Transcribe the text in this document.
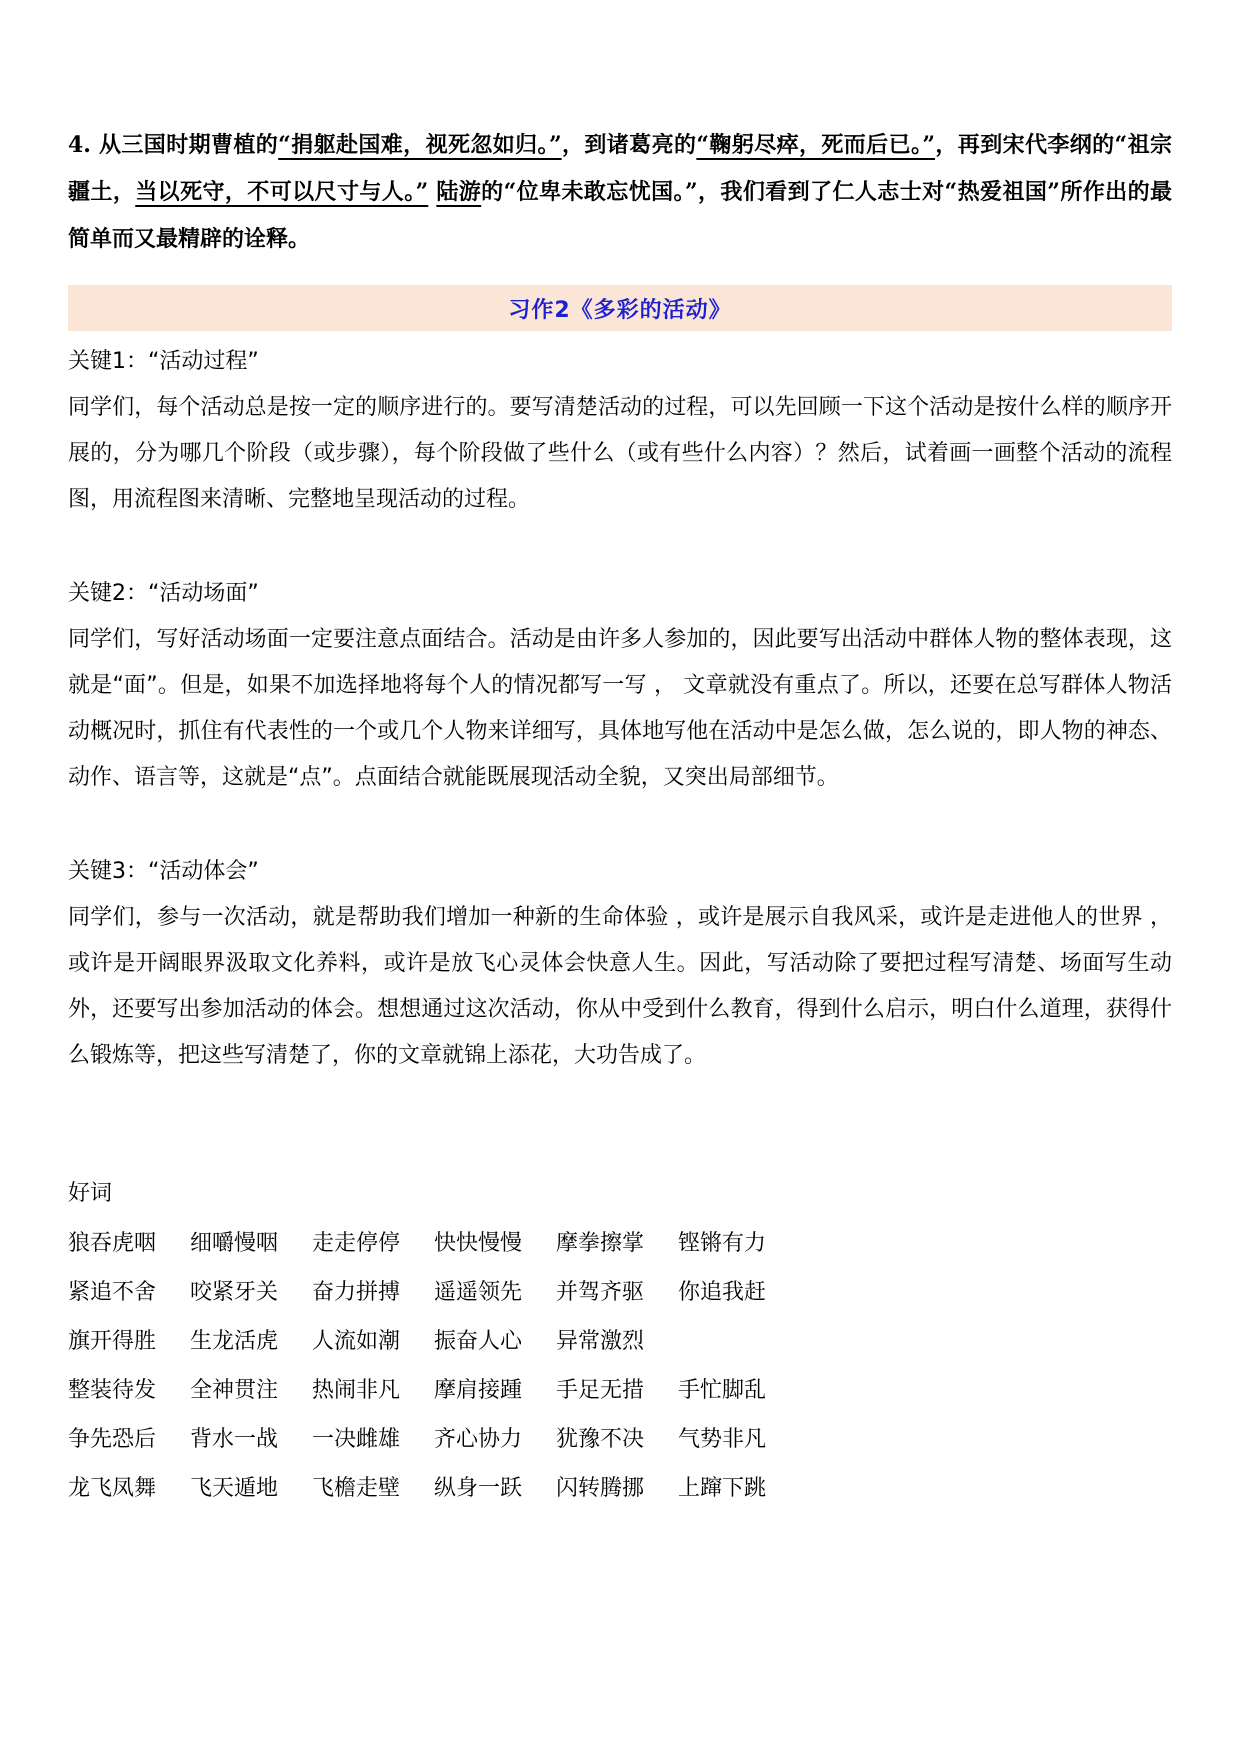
4. 从三国时期曹植的“捐躯赴国难，视死忽如归。”，到诸葛亮的“鞠躬尽瘁，死而后已。”，再到宋代李纲的“祖宗疆土，当以死守，不可以尺寸与人。” 陆游的“位卑未敢忘忧国。”，我们看到了仁人志士对“热爱祖国”所作出的最简单而又最精辟的诠释。

习作2《多彩的活动》
关键1：“活动过程”
同学们，每个活动总是按一定的顺序进行的。要写清楚活动的过程，可以先回顾一下这个活动是按什么样的顺序开展的，分为哪几个阶段（或步骤），每个阶段做了些什么（或有些什么内容）？然后，试着画一画整个活动的流程图，用流程图来清晰、完整地呈现活动的过程。
关键2：“活动场面”
同学们，写好活动场面一定要注意点面结合。活动是由许多人参加的，因此要写出活动中群体人物的整体表现，这就是“面”。但是，如果不加选择地将每个人的情况都写一写 ， 文章就没有重点了。所以，还要在总写群体人物活动概况时，抓住有代表性的一个或几个人物来详细写，具体地写他在活动中是怎么做，怎么说的，即人物的神态、动作、语言等，这就是“点”。点面结合就能既展现活动全貌，又突出局部细节。
关键3：“活动体会”
同学们，参与一次活动，就是帮助我们增加一种新的生命体验 ，或许是展示自我风采，或许是走进他人的世界 ，或许是开阔眼界汲取文化养料，或许是放飞心灵体会快意人生。因此，写活动除了要把过程写清楚、场面写生动外，还要写出参加活动的体会。想想通过这次活动，你从中受到什么教育，得到什么启示，明白什么道理，获得什么锻炼等，把这些写清楚了，你的文章就锦上添花，大功告成了。
好词
狼吞虎咽	细嚼慢咽	走走停停	快快慢慢	摩拳擦掌	铿锵有力
紧追不舍	咬紧牙关	奋力拼搏	遥遥领先	并驾齐驱	你追我赶
旗开得胜	生龙活虎	人流如潮	振奋人心	异常激烈
整装待发	全神贯注	热闹非凡	摩肩接踵	手足无措	手忙脚乱
争先恐后	背水一战	一决雌雄	齐心协力	犹豫不决	气势非凡
龙飞凤舞	飞天遁地	飞檐走壁	纵身一跃	闪转腾挪	上蹿下跳
